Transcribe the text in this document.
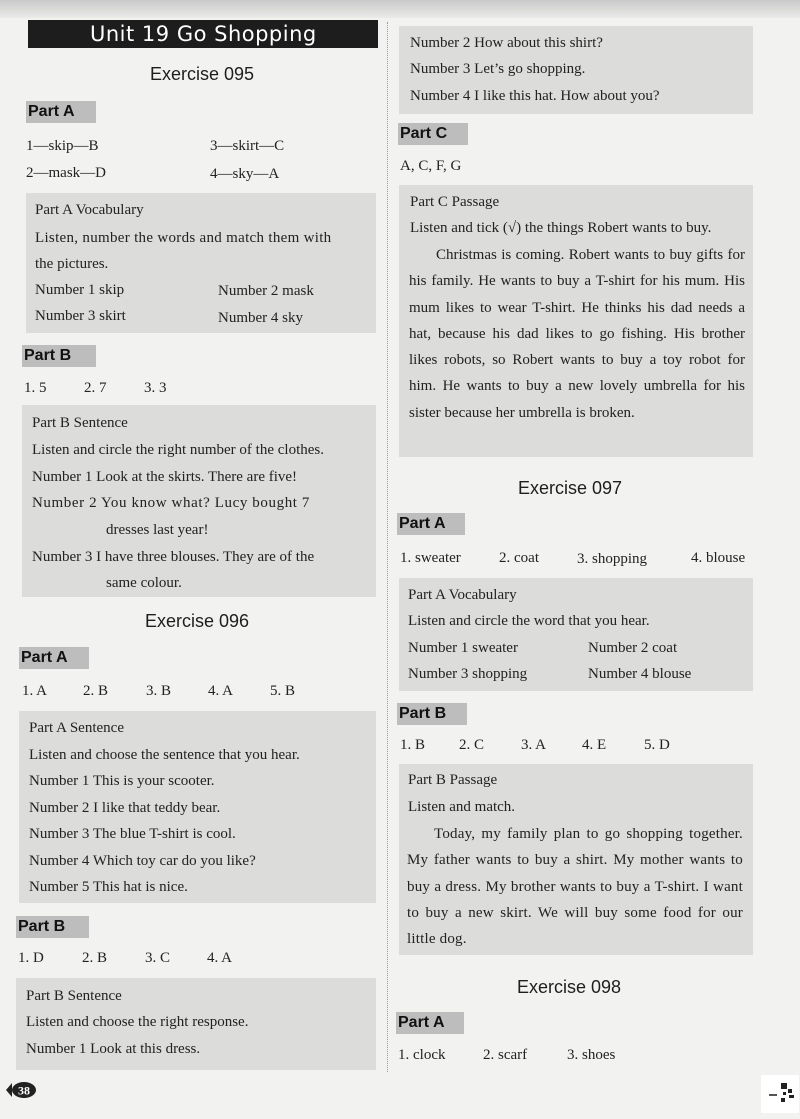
Unit 19 Go Shopping
Exercise 095
Part A
1—skip—B	3—skirt—C
2—mask—D	4—sky—A
Part A Vocabulary
Listen, number the words and match them with
the pictures.
Number 1 skip	Number 2 mask
Number 3 skirt	Number 4 sky
Part B
1. 5	2. 7	3. 3
Part B Sentence
Listen and circle the right number of the clothes.
Number 1 Look at the skirts. There are five!
Number 2 You know what? Lucy bought 7
dresses last year!
Number 3 I have three blouses. They are of the
same colour.
Exercise 096
Part A
1. A 2. B	3. B 4. A 5. B
Part A Sentence
Listen and choose the sentence that you hear.
Number 1 This is your scooter.
Number 2 I like that teddy bear.
Number 3 The blue T-shirt is cool.
Number 4 Which toy car do you like?
Number 5 This hat is nice.
Part B
1. D	2. B	3. C 4. A
Part B Sentence
Listen and choose the right response.
Number 1 Look at this dress.
38
Number 2 How about this shirt?
Number 3 Let’s go shopping.
Number 4 I like this hat. How about you?
Part C
A, C, F, G
Part C Passage
Listen and tick (√) the things Robert wants to buy.
Christmas is coming. Robert wants to buy gifts for his family. He wants to buy a T-shirt for his mum. His mum likes to wear T-shirt. He thinks his dad needs a hat, because his dad likes to go fishing. His brother likes robots, so Robert wants to buy a toy robot for him. He wants to buy a new lovely umbrella for his sister because her umbrella is broken.
Exercise 097
Part A
1. sweater	2. coat	3. shopping	4. blouse
Part A Vocabulary
Listen and circle the word that you hear.
Number 1 sweater	Number 2 coat
Number 3 shopping	Number 4 blouse
Part B
1. B 2. C 3. A 4. E	5. D
Part B Passage
Listen and match.
Today, my family plan to go shopping together. My father wants to buy a shirt. My mother wants to buy a dress. My brother wants to buy a T-shirt. I want to buy a new skirt. We will buy some food for our little dog.
Exercise 098
Part A
1. clock	2. scarf	3. shoes
